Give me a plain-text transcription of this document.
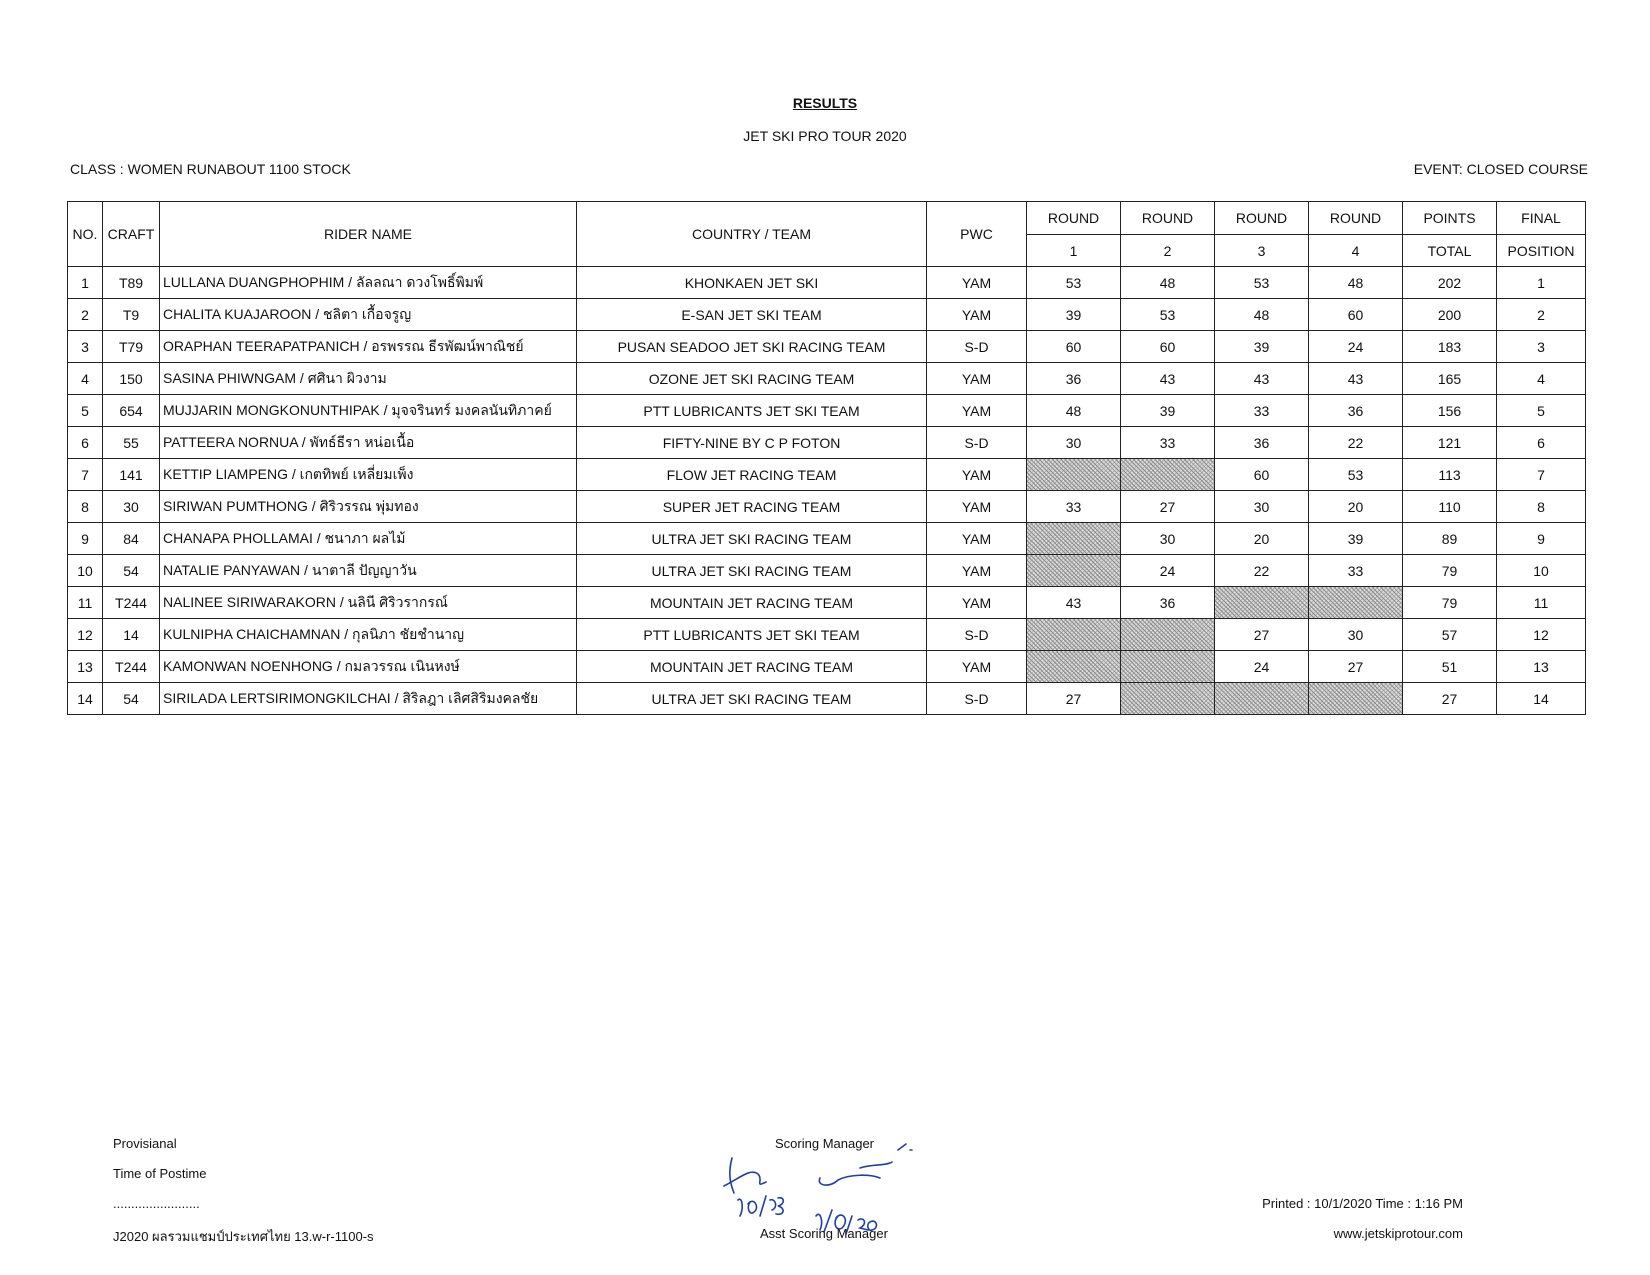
RESULTS
JET SKI PRO TOUR 2020
CLASS : WOMEN RUNABOUT 1100 STOCK	EVENT: CLOSED COURSE
NO.	CRAFT	RIDER NAME	COUNTRY / TEAM	PWC	ROUND	ROUND	ROUND	ROUND	POINTS	FINAL
					1	2	3	4	TOTAL	POSITION
1	T89	LULLANA DUANGPHOPHIM / ลัลลณา ดวงโพธิ์พิมพ์	KHONKAEN JET SKI	YAM	53	48	53	48	202	1
2	T9	CHALITA KUAJAROON / ชลิตา เกื้อจรูญ	E-SAN JET SKI TEAM	YAM	39	53	48	60	200	2
3	T79	ORAPHAN TEERAPATPANICH / อรพรรณ ธีรพัฒน์พาณิชย์	PUSAN SEADOO JET SKI RACING TEAM	S-D	60	60	39	24	183	3
4	150	SASINA PHIWNGAM / ศศินา ผิวงาม	OZONE JET SKI RACING TEAM	YAM	36	43	43	43	165	4
5	654	MUJJARIN MONGKONUNTHIPAK / มุจจรินทร์ มงคลนันทิภาคย์	PTT LUBRICANTS JET SKI TEAM	YAM	48	39	33	36	156	5
6	55	PATTEERA NORNUA / พัทธ์ธีรา หน่อเนื้อ	FIFTY-NINE BY C P FOTON	S-D	30	33	36	22	121	6
7	141	KETTIP LIAMPENG / เกตทิพย์ เหลี่ยมเพ็ง	FLOW JET RACING TEAM	YAM			60	53	113	7
8	30	SIRIWAN PUMTHONG / ศิริวรรณ พุ่มทอง	SUPER JET RACING TEAM	YAM	33	27	30	20	110	8
9	84	CHANAPA PHOLLAMAI / ชนาภา ผลไม้	ULTRA JET SKI RACING TEAM	YAM		30	20	39	89	9
10	54	NATALIE PANYAWAN / นาตาลี ปัญญาวัน	ULTRA JET SKI RACING TEAM	YAM		24	22	33	79	10
11	T244	NALINEE SIRIWARAKORN / นลินี ศิริวรากรณ์	MOUNTAIN JET RACING TEAM	YAM	43	36			79	11
12	14	KULNIPHA CHAICHAMNAN / กุลนิภา ชัยชำนาญ	PTT LUBRICANTS JET SKI TEAM	S-D			27	30	57	12
13	T244	KAMONWAN NOENHONG / กมลวรรณ เนินหงษ์	MOUNTAIN JET RACING TEAM	YAM			24	27	51	13
14	54	SIRILADA LERTSIRIMONGKILCHAI / สิริลฎา เลิศสิริมงคลชัย	ULTRA JET SKI RACING TEAM	S-D	27				27	14
Provisianal
Time of Postime
........................
J2020 ผลรวมแชมป์ประเทศไทย 13.w-r-1100-s
Scoring Manager
Asst Scoring Manager
Printed : 10/1/2020 Time : 1:16 PM
www.jetskiprotour.com
